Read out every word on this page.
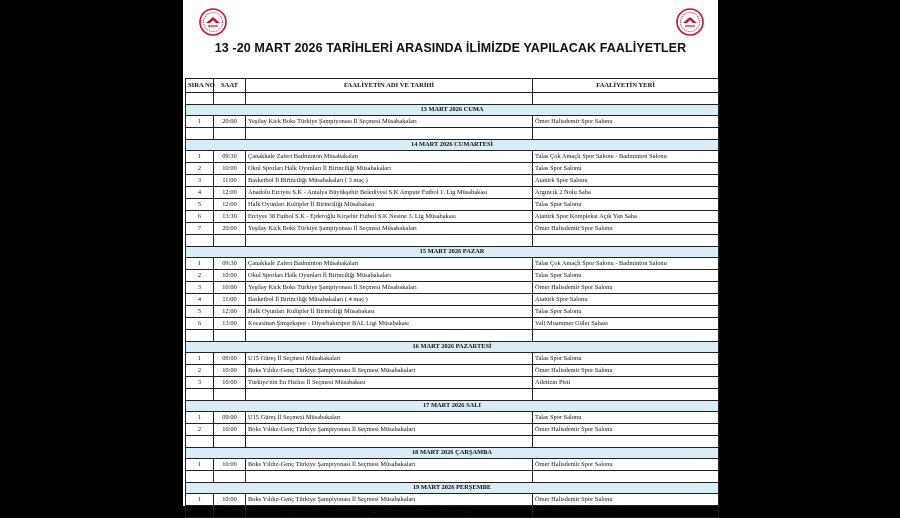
13 -20 MART 2026 TARİHLERİ ARASINDA İLİMİZDE YAPILACAK FAALİYETLER
SIRA NO	SAAT	FAALİYETİN ADI VE TARİHİ	FAALİYETİN YERİ

13 MART 2026 CUMA			
1	20:00	Yeşilay Kick Boks Türkiye Şampiyonası İl Seçmesi Müsabakaları	Ömer Halisdemir Spor Salonu

14 MART 2026 CUMARTESİ			
1	09:30	Çanakkale Zaferi Badminton Müsabakaları	Talas Çok Amaçlı Spor Salonu - Badminton Salonu
2	10:00	Okul Sporları Halk Oyunları İl Birinciliği Müsabakaları	Talas Spor Salonu
3	11:00	Basketbol İl Birinciliği Müsabakaları ( 3 maç )	Atatürk Spor Salonu
4	12:00	Anadolu Erciyes S.K - Antalya Büyükşehir Belediyesi S.K Ampute Futbol 1. Lig Müsabakası	Argıncık 2 Nolu Saha
5	12:00	Halk Oyunları Kulüpler İl Birinciliği Müsabakası	Talas Spor Salonu
6	13:30	Erciyes 38 Futbol S.K - Ejderoğlu Kırşehir Futbol S.K Nesine 3. Lig Müsabakası	Atatürk Spor Kompleksi Açık Yan Saha
7	20:00	Yeşilay Kick Boks Türkiye Şampiyonası İl Seçmesi Müsabakaları	Ömer Halisdemir Spor Salonu

15 MART 2026 PAZAR			
1	09:30	Çanakkale Zaferi Badminton Müsabakaları	Talas Çok Amaçlı Spor Salonu - Badminton Salonu
2	10:00	Okul Sporları Halk Oyunları İl Birinciliği Müsabakaları	Talas Spor Salonu
3	10:00	Yeşilay Kick Boks Türkiye Şampiyonası İl Seçmesi Müsabakaları	Ömer Halisdemir Spor Salonu
4	11:00	Basketbol İl Birinciliği Müsabakaları ( 4 maç )	Atatürk Spor Salonu
5	12:00	Halk Oyunları Kulüpler İl Birinciliği Müsabakası	Talas Spor Salonu
6	13:00	Kocasinan Şimşekspor - Diyarbakırspor BAL Ligi Müsabakası	Vali Muammer Güler Sahası

16 MART 2026 PAZARTESİ			
1	09:00	U15 Güreş İl Seçmesi Müsabakaları	Talas Spor Salonu
2	10:00	Boks Yıldız-Genç Türkiye Şampiyonası İl Seçmesi Müsabakaları	Ömer Halisdemir Spor Salonu
3	10:00	Türkiye'nin En Hızlısı İl Seçmesi Müsabakası	Atletizm Pisti

17 MART 2026 SALI			
1	09:00	U15 Güreş İl Seçmesi Müsabakaları	Talas Spor Salonu
2	10:00	Boks Yıldız-Genç Türkiye Şampiyonası İl Seçmesi Müsabakaları	Ömer Halisdemir Spor Salonu

18 MART 2026 ÇARŞAMBA			
1	10:00	Boks Yıldız-Genç Türkiye Şampiyonası İl Seçmesi Müsabakaları	Ömer Halisdemir Spor Salonu

19 MART 2026 PERŞEMBE			
1	10:00	Boks Yıldız-Genç Türkiye Şampiyonası İl Seçmesi Müsabakaları	Ömer Halisdemir Spor Salonu
2	16:00	Zecorner Kayserispor - Mısırlı.com.tr Fatih Karagümrük Trendyol Süper Lig Müsabakası	RHG Enertürk Enerji Stadyumu
